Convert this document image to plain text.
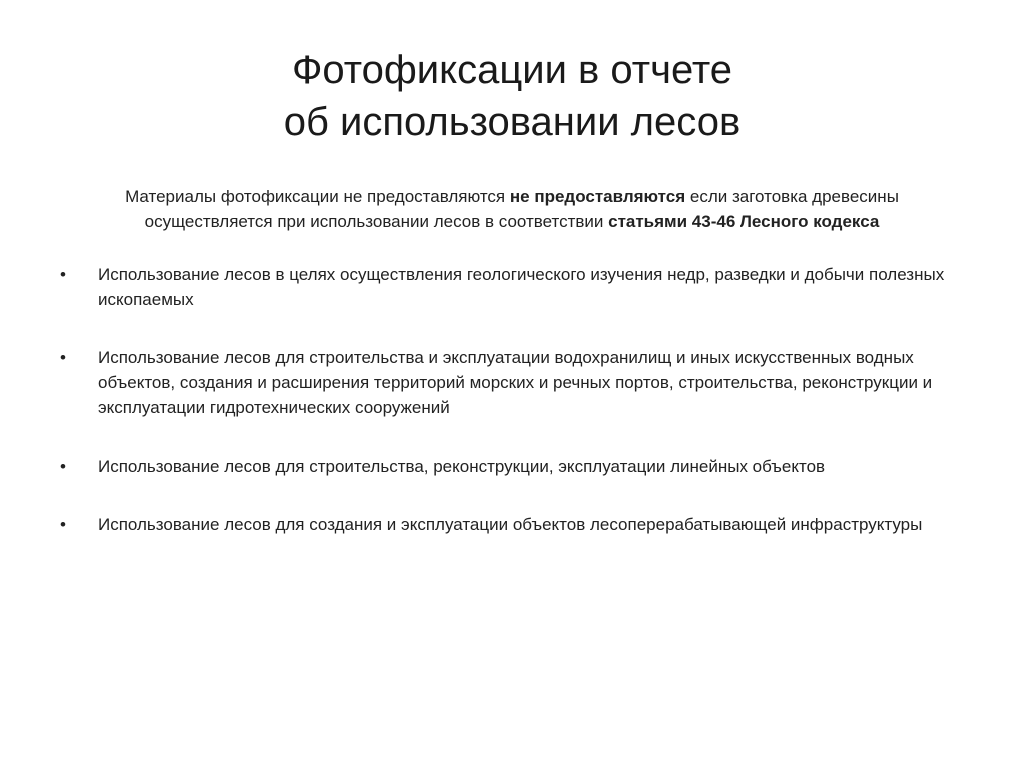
Фотофиксации в отчете
об использовании лесов

Материалы фотофиксации не предоставляются не предоставляются если заготовка древесины осуществляется при использовании лесов в соответствии статьями 43-46 Лесного кодекса

• Использование лесов в целях осуществления геологического изучения недр, разведки и добычи полезных ископаемых
• Использование лесов для строительства и эксплуатации водохранилищ и иных искусственных водных объектов, создания и расширения территорий морских и речных портов, строительства, реконструкции и эксплуатации гидротехнических сооружений
• Использование лесов для строительства, реконструкции, эксплуатации линейных объектов
• Использование лесов для создания и эксплуатации объектов лесоперерабатывающей инфраструктуры
